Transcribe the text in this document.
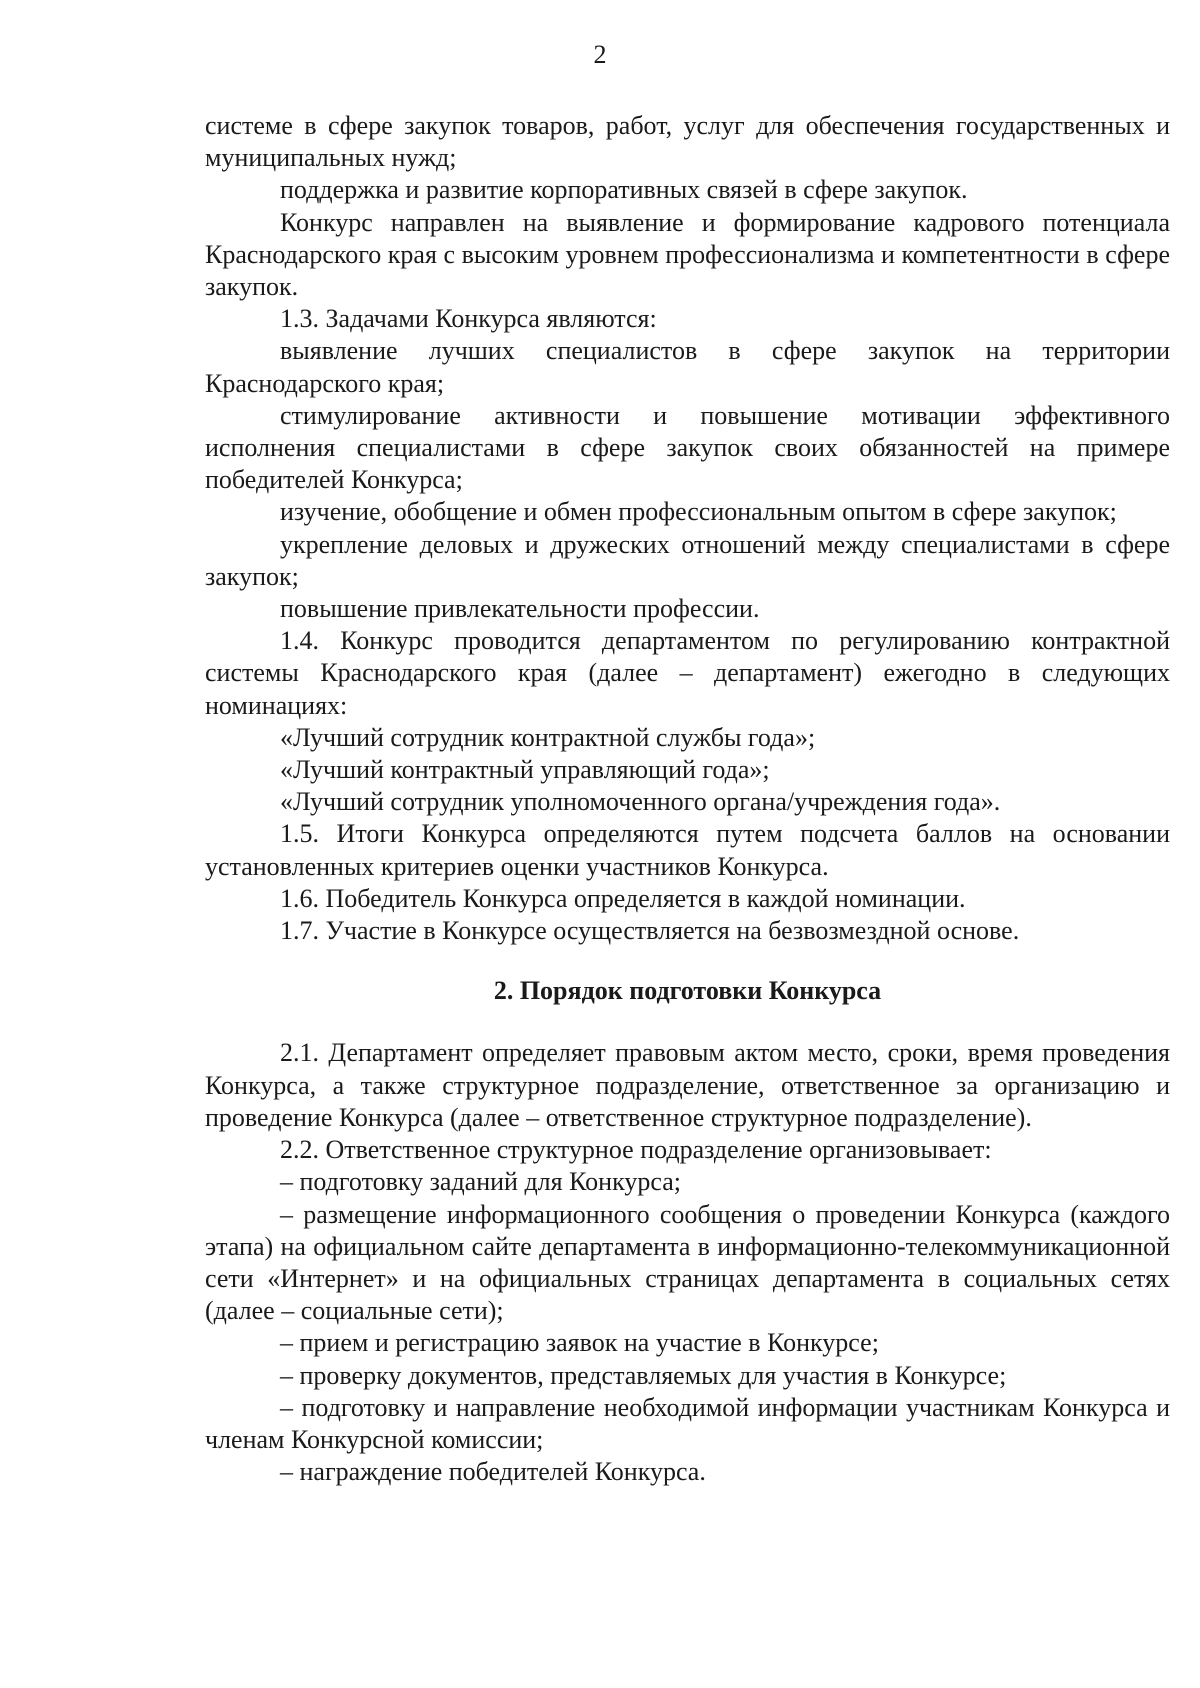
2

системе в сфере закупок товаров, работ, услуг для обеспечения государственных и муниципальных нужд;

поддержка и развитие корпоративных связей в сфере закупок.

Конкурс направлен на выявление и формирование кадрового потенциала Краснодарского края с высоким уровнем профессионализма и компетентности в сфере закупок.

1.3. Задачами Конкурса являются:

выявление лучших специалистов в сфере закупок на территории Краснодарского края;

стимулирование активности и повышение мотивации эффективного исполнения специалистами в сфере закупок своих обязанностей на примере победителей Конкурса;

изучение, обобщение и обмен профессиональным опытом в сфере закупок;

укрепление деловых и дружеских отношений между специалистами в сфере закупок;

повышение привлекательности профессии.

1.4. Конкурс проводится департаментом по регулированию контрактной системы Краснодарского края (далее – департамент) ежегодно в следующих номинациях:

«Лучший сотрудник контрактной службы года»;

«Лучший контрактный управляющий года»;

«Лучший сотрудник уполномоченного органа/учреждения года».

1.5. Итоги Конкурса определяются путем подсчета баллов на основании установленных критериев оценки участников Конкурса.

1.6. Победитель Конкурса определяется в каждой номинации.

1.7. Участие в Конкурсе осуществляется на безвозмездной основе.

2. Порядок подготовки Конкурса

2.1. Департамент определяет правовым актом место, сроки, время проведения Конкурса, а также структурное подразделение, ответственное за организацию и проведение Конкурса (далее – ответственное структурное подразделение).

2.2. Ответственное структурное подразделение организовывает:

– подготовку заданий для Конкурса;

– размещение информационного сообщения о проведении Конкурса (каждого этапа) на официальном сайте департамента в информационно-телекоммуникационной сети «Интернет» и на официальных страницах департамента в социальных сетях (далее – социальные сети);

– прием и регистрацию заявок на участие в Конкурсе;

– проверку документов, представляемых для участия в Конкурсе;

– подготовку и направление необходимой информации участникам Конкурса и членам Конкурсной комиссии;

– награждение победителей Конкурса.
